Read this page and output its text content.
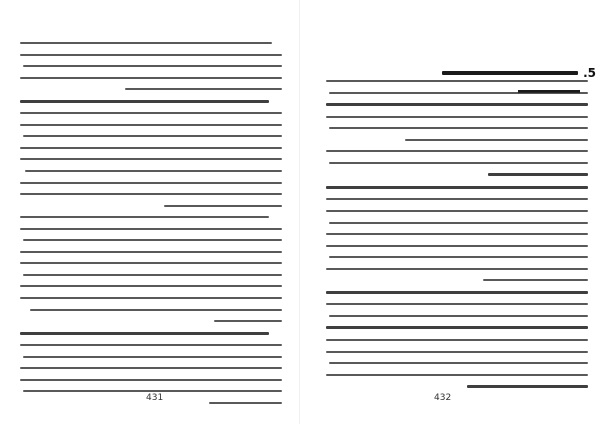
431
5.
432
